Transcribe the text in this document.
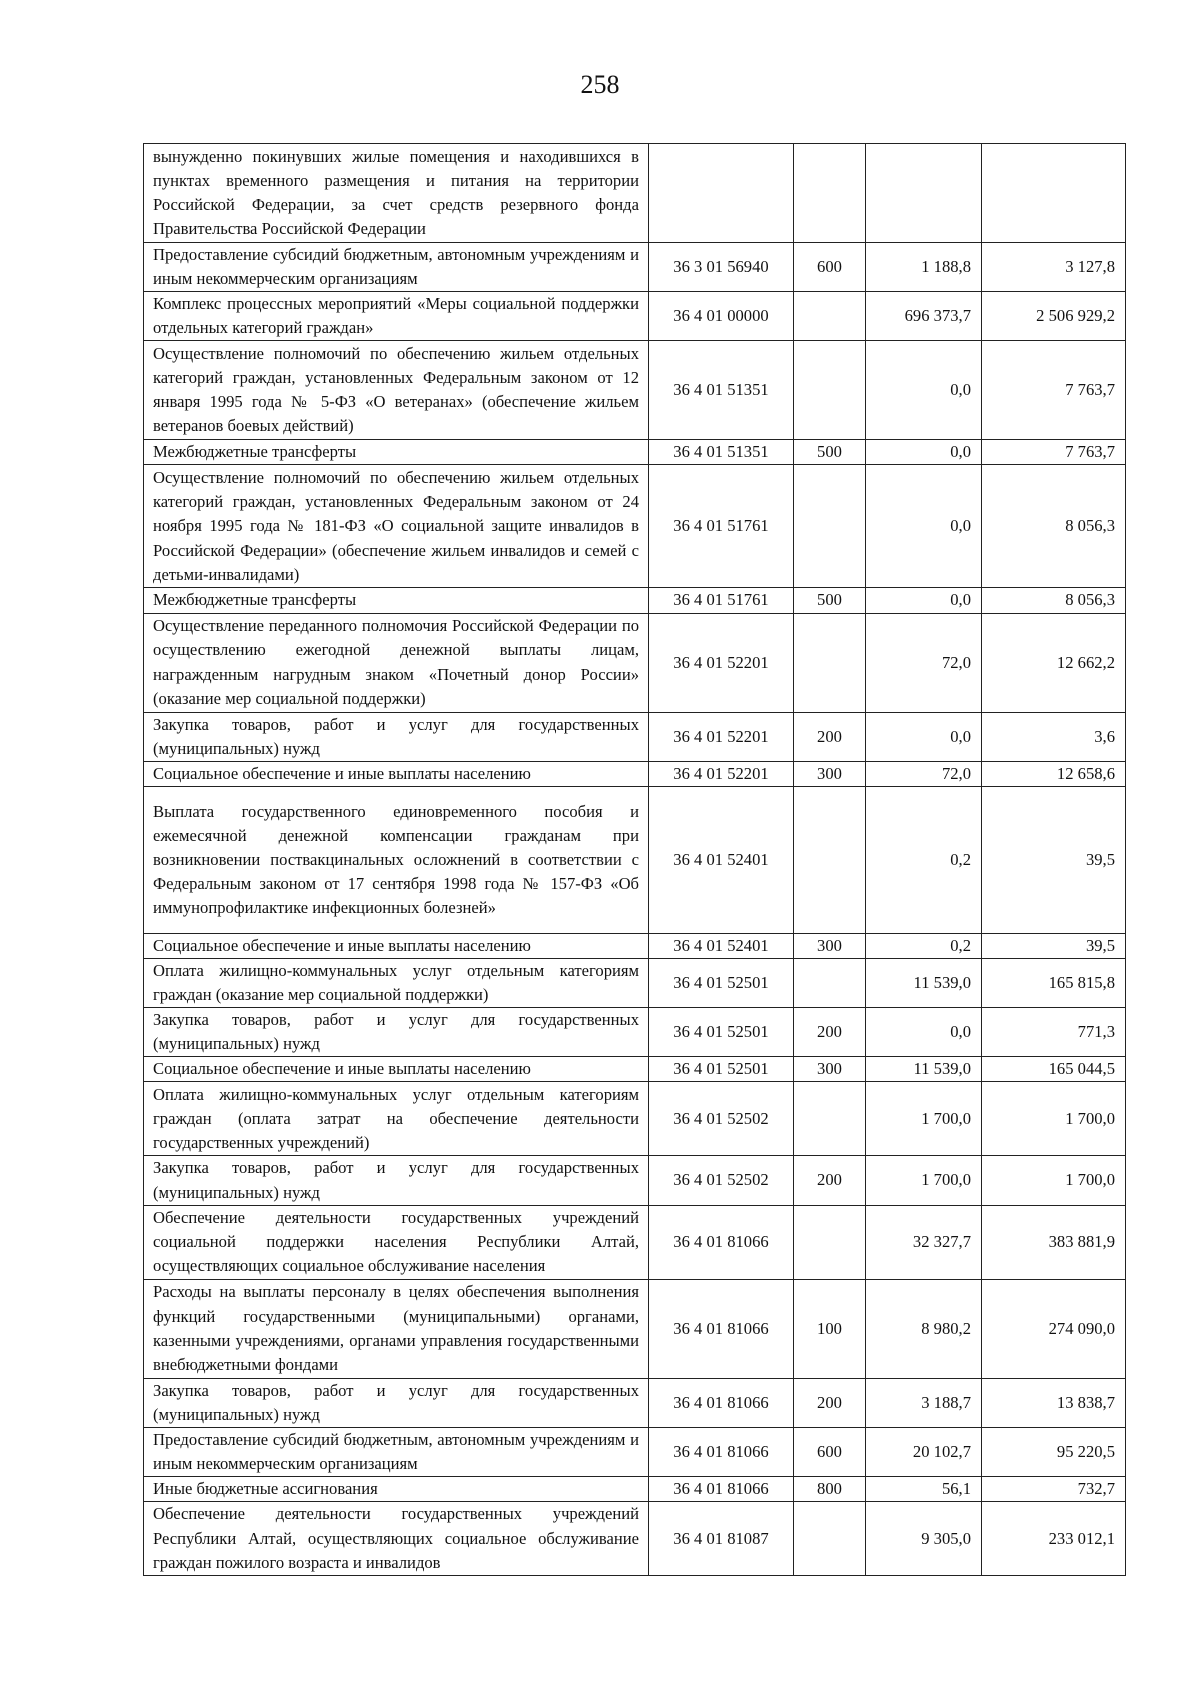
258
вынужденно покинувших жилые помещения и находившихся в пунктах временного размещения и питания на территории Российской Федерации, за счет средств резервного фонда Правительства Российской Федерации				
Предоставление субсидий бюджетным, автономным учреждениям и иным некоммерческим организациям	36 3 01 56940	600	1 188,8	3 127,8
Комплекс процессных мероприятий «Меры социальной поддержки отдельных категорий граждан»	36 4 01 00000		696 373,7	2 506 929,2
Осуществление полномочий по обеспечению жильем отдельных категорий граждан, установленных Федеральным законом от 12 января 1995 года № 5-ФЗ «О ветеранах» (обеспечение жильем ветеранов боевых действий)	36 4 01 51351		0,0	7 763,7
Межбюджетные трансферты	36 4 01 51351	500	0,0	7 763,7
Осуществление полномочий по обеспечению жильем отдельных категорий граждан, установленных Федеральным законом от 24 ноября 1995 года № 181-ФЗ «О социальной защите инвалидов в Российской Федерации» (обеспечение жильем инвалидов и семей с детьми-инвалидами)	36 4 01 51761		0,0	8 056,3
Межбюджетные трансферты	36 4 01 51761	500	0,0	8 056,3
Осуществление переданного полномочия Российской Федерации по осуществлению ежегодной денежной выплаты лицам, награжденным нагрудным знаком «Почетный донор России» (оказание мер социальной поддержки)	36 4 01 52201		72,0	12 662,2
Закупка товаров, работ и услуг для государственных (муниципальных) нужд	36 4 01 52201	200	0,0	3,6
Социальное обеспечение и иные выплаты населению	36 4 01 52201	300	72,0	12 658,6
Выплата государственного единовременного пособия и ежемесячной денежной компенсации гражданам при возникновении поствакцинальных осложнений в соответствии с Федеральным законом от 17 сентября 1998 года № 157-ФЗ «Об иммунопрофилактике инфекционных болезней»	36 4 01 52401		0,2	39,5
Социальное обеспечение и иные выплаты населению	36 4 01 52401	300	0,2	39,5
Оплата жилищно-коммунальных услуг отдельным категориям граждан (оказание мер социальной поддержки)	36 4 01 52501		11 539,0	165 815,8
Закупка товаров, работ и услуг для государственных (муниципальных) нужд	36 4 01 52501	200	0,0	771,3
Социальное обеспечение и иные выплаты населению	36 4 01 52501	300	11 539,0	165 044,5
Оплата жилищно-коммунальных услуг отдельным категориям граждан (оплата затрат на обеспечение деятельности государственных учреждений)	36 4 01 52502		1 700,0	1 700,0
Закупка товаров, работ и услуг для государственных (муниципальных) нужд	36 4 01 52502	200	1 700,0	1 700,0
Обеспечение деятельности государственных учреждений социальной поддержки населения Республики Алтай, осуществляющих социальное обслуживание населения	36 4 01 81066		32 327,7	383 881,9
Расходы на выплаты персоналу в целях обеспечения выполнения функций государственными (муниципальными) органами, казенными учреждениями, органами управления государственными внебюджетными фондами	36 4 01 81066	100	8 980,2	274 090,0
Закупка товаров, работ и услуг для государственных (муниципальных) нужд	36 4 01 81066	200	3 188,7	13 838,7
Предоставление субсидий бюджетным, автономным учреждениям и иным некоммерческим организациям	36 4 01 81066	600	20 102,7	95 220,5
Иные бюджетные ассигнования	36 4 01 81066	800	56,1	732,7
Обеспечение деятельности государственных учреждений Республики Алтай, осуществляющих социальное обслуживание граждан пожилого возраста и инвалидов	36 4 01 81087		9 305,0	233 012,1
